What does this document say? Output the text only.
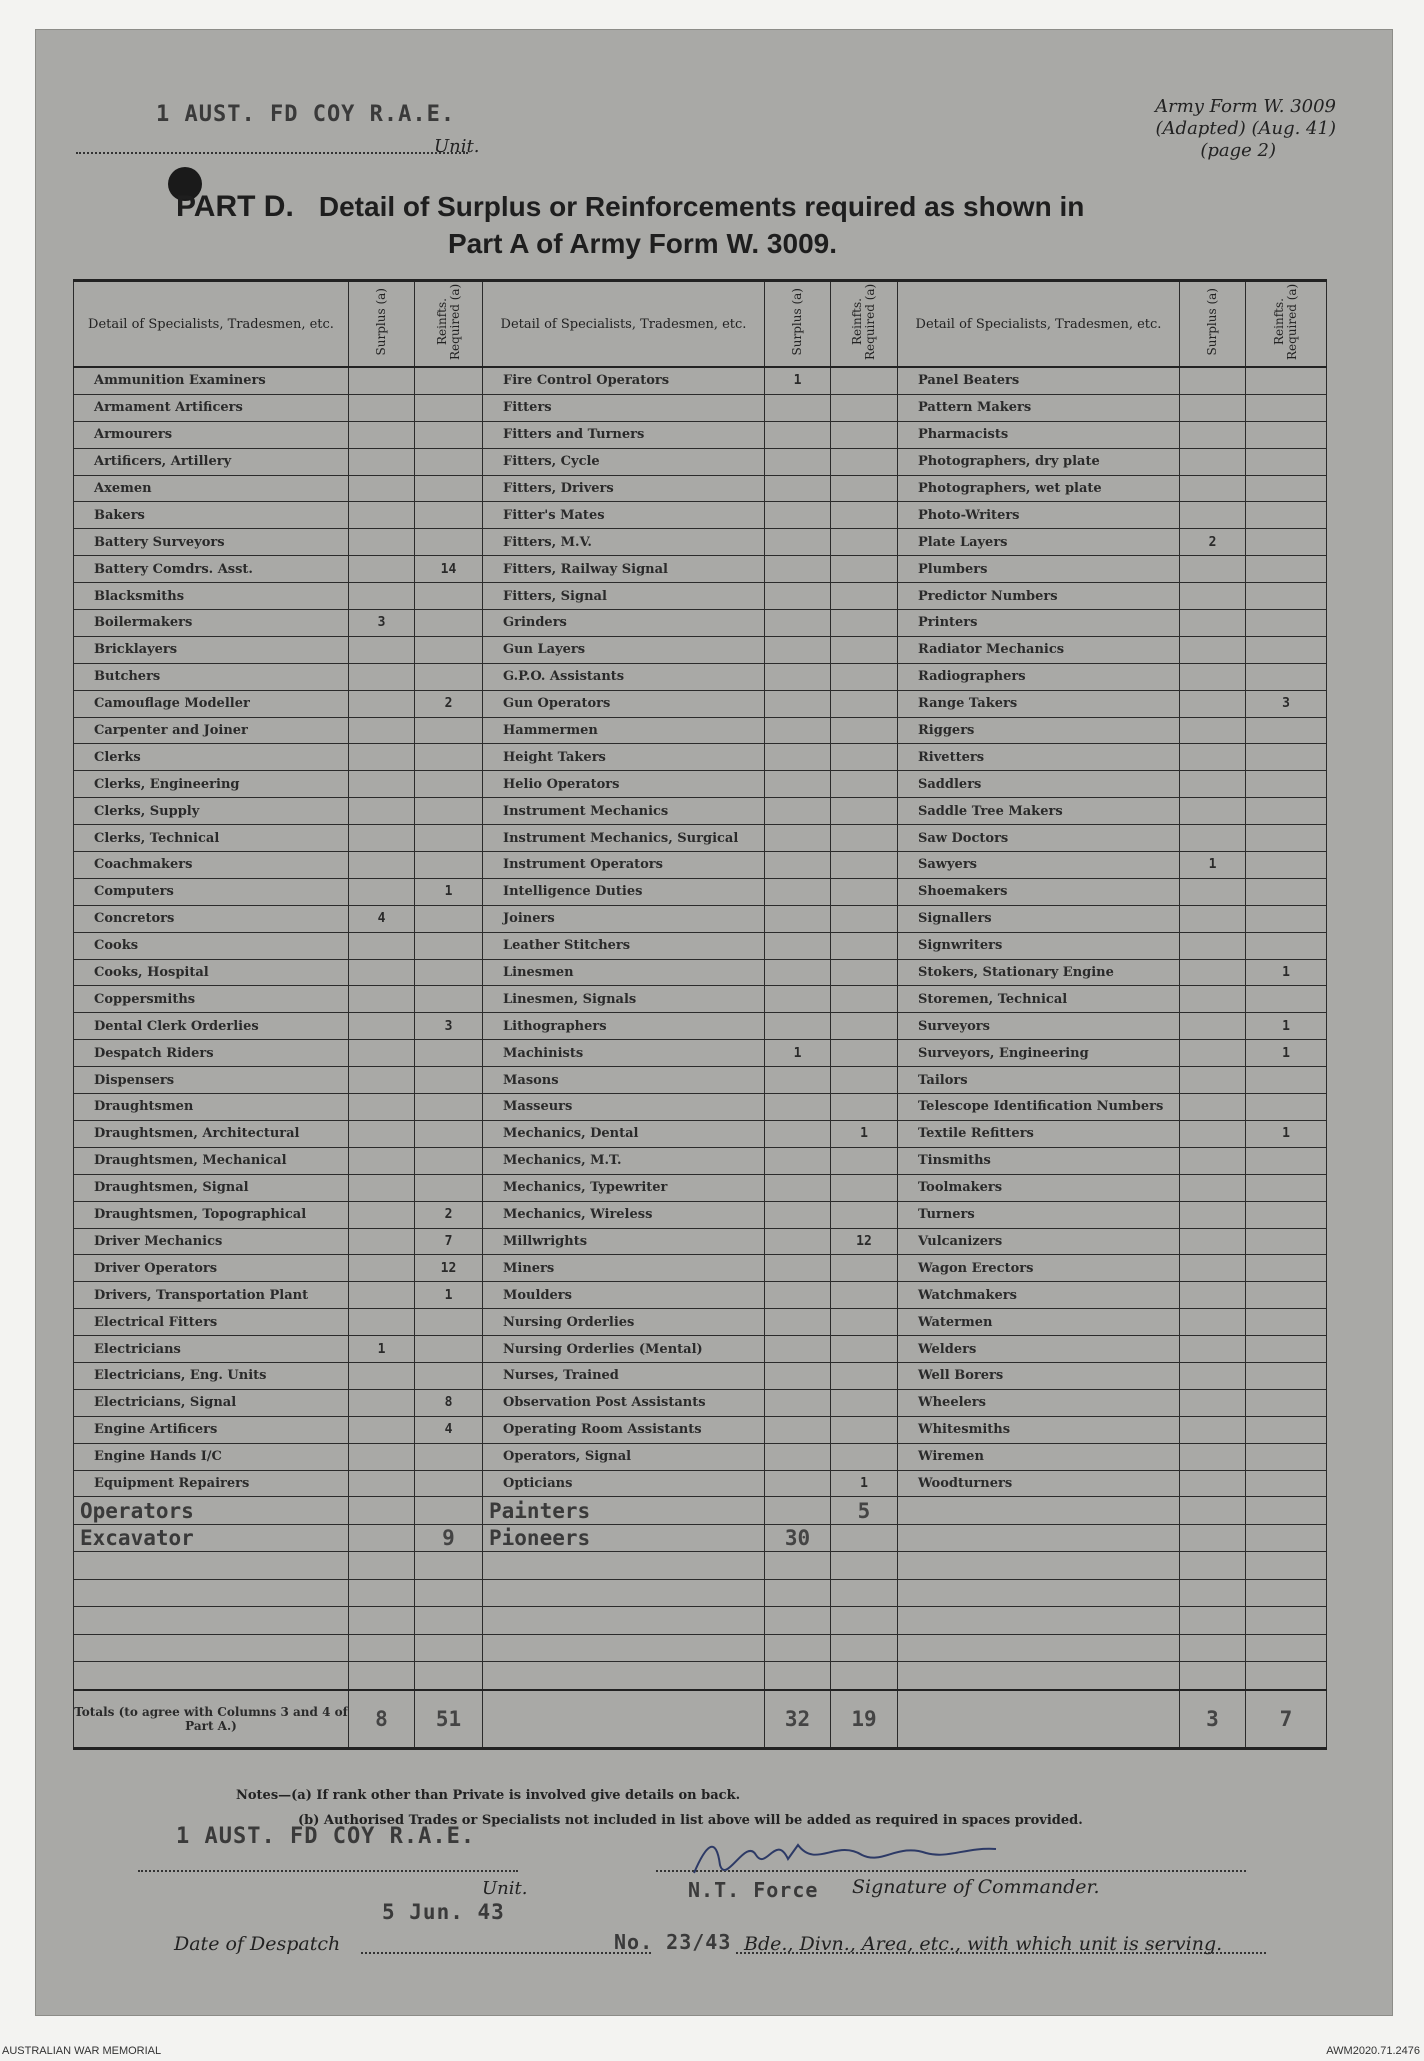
1 AUST. FD COY R.A.E.
Unit.
Army Form W. 3009
(Adapted) (Aug. 41)
(page 2)
PART D. Detail of Surplus or Reinforcements required as shown in
Part A of Army Form W. 3009.
Detail of Specialists, Tradesmen, etc.	Surplus (a)	Reinfts. Required (a)	Detail of Specialists, Tradesmen, etc.	Surplus (a)	Reinfts. Required (a)	Detail of Specialists, Tradesmen, etc.	Surplus (a)	Reinfts. Required (a)
Ammunition Examiners			Fire Control Operators	1		Panel Beaters		
Armament Artificers			Fitters			Pattern Makers		
Armourers			Fitters and Turners			Pharmacists		
Artificers, Artillery			Fitters, Cycle			Photographers, dry plate		
Axemen			Fitters, Drivers			Photographers, wet plate		
Bakers			Fitter's Mates			Photo-Writers		
Battery Surveyors			Fitters, M.V.			Plate Layers	2	
Battery Comdrs. Asst.		14	Fitters, Railway Signal			Plumbers		
Blacksmiths			Fitters, Signal			Predictor Numbers		
Boilermakers	3		Grinders			Printers		
Bricklayers			Gun Layers			Radiator Mechanics		
Butchers			G.P.O. Assistants			Radiographers		
Camouflage Modeller		2	Gun Operators			Range Takers		3
Carpenter and Joiner			Hammermen			Riggers		
Clerks			Height Takers			Rivetters		
Clerks, Engineering			Helio Operators			Saddlers		
Clerks, Supply			Instrument Mechanics			Saddle Tree Makers		
Clerks, Technical			Instrument Mechanics, Surgical			Saw Doctors		
Coachmakers			Instrument Operators			Sawyers	1	
Computers		1	Intelligence Duties			Shoemakers		
Concretors	4		Joiners			Signallers		
Cooks			Leather Stitchers			Signwriters		
Cooks, Hospital			Linesmen			Stokers, Stationary Engine		1
Coppersmiths			Linesmen, Signals			Storemen, Technical		
Dental Clerk Orderlies		3	Lithographers			Surveyors		1
Despatch Riders			Machinists	1		Surveyors, Engineering		1
Dispensers			Masons			Tailors		
Draughtsmen			Masseurs			Telescope Identification Numbers		
Draughtsmen, Architectural			Mechanics, Dental		1	Textile Refitters		1
Draughtsmen, Mechanical			Mechanics, M.T.			Tinsmiths		
Draughtsmen, Signal			Mechanics, Typewriter			Toolmakers		
Draughtsmen, Topographical		2	Mechanics, Wireless			Turners		
Driver Mechanics		7	Millwrights		12	Vulcanizers		
Driver Operators		12	Miners			Wagon Erectors		
Drivers, Transportation Plant		1	Moulders			Watchmakers		
Electrical Fitters			Nursing Orderlies			Watermen		
Electricians	1		Nursing Orderlies (Mental)			Welders		
Electricians, Eng. Units			Nurses, Trained			Well Borers		
Electricians, Signal		8	Observation Post Assistants			Wheelers		
Engine Artificers		4	Operating Room Assistants			Whitesmiths		
Engine Hands I/C			Operators, Signal			Wiremen		
Equipment Repairers			Opticians		1	Woodturners		
Operators			Painters		5			
Excavator		9	Pioneers	30				

Totals (to agree with Columns 3 and 4 of Part A.)	8	51		32	19		3	7
Notes—(a) If rank other than Private is involved give details on back.
(b) Authorised Trades or Specialists not included in list above will be added as required in spaces provided.
1 AUST. FD COY R.A.E.
Unit.
5 Jun. 43
N.T. Force Signature of Commander.
Date of Despatch	No. 23/43 Bde., Divn., Area, etc., with which unit is serving.
AUSTRALIAN WAR MEMORIAL	AWM2020.71.2476
